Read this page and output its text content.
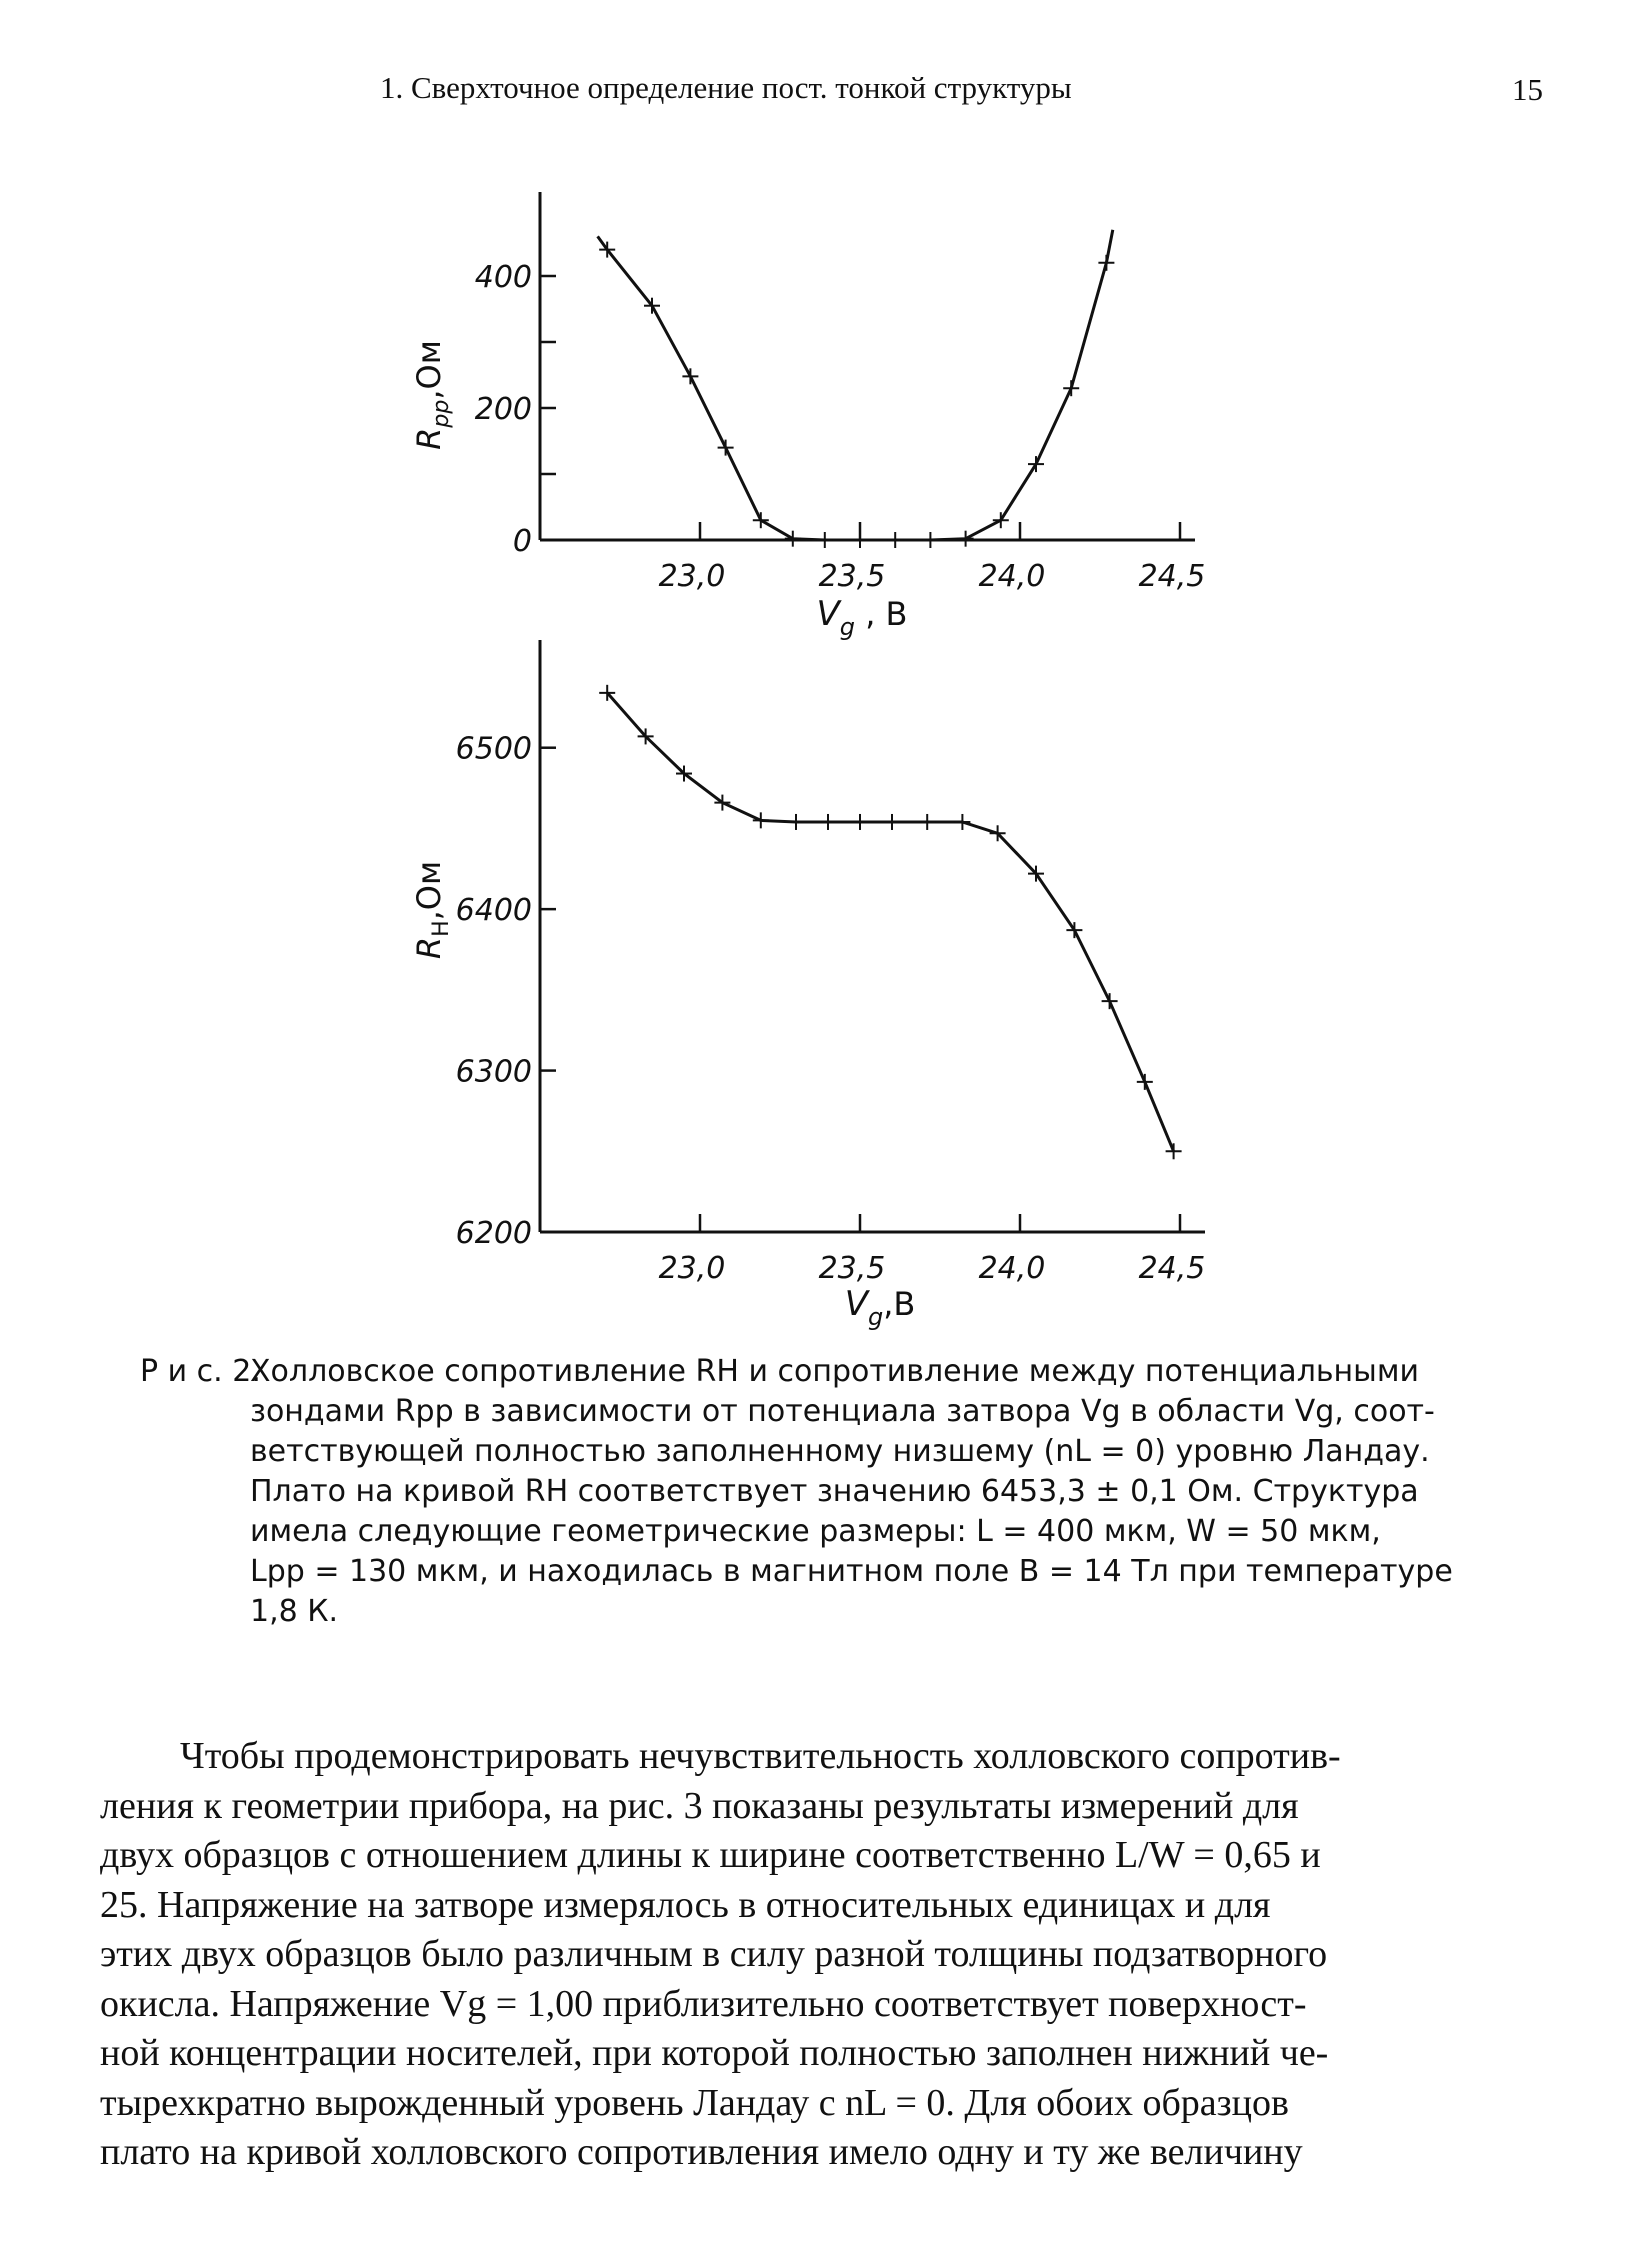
1. Сверхточное определение пост. тонкой структуры	15
0
200
400
23,0	23,5	24,0	24,5
$R_{pp},Ом$
$V_g$ , В
6200
6300
6400
6500
23,0	23,5	24,0	24,5
$R_H,Ом$
$V_g,В$
Р и с. 2.
Холловское сопротивление RH и сопротивление между потенциальными
зондами Rpp в зависимости от потенциала затвора Vg в области Vg, соот-
ветствующей полностью заполненному низшему (nL = 0) уровню Ландау.
Плато на кривой RH соответствует значению 6453,3 ± 0,1 Ом. Структура
имела следующие геометрические размеры: L = 400 мкм, W = 50 мкм,
Lpp = 130 мкм, и находилась в магнитном поле B = 14 Тл при температуре
1,8 К.
Чтобы продемонстрировать нечувствительность холловского сопротив-
ления к геометрии прибора, на рис. 3 показаны результаты измерений для
двух образцов с отношением длины к ширине соответственно L/W = 0,65 и
25. Напряжение на затворе измерялось в относительных единицах и для
этих двух образцов было различным в силу разной толщины подзатворного
окисла. Напряжение Vg = 1,00 приблизительно соответствует поверхност-
ной концентрации носителей, при которой полностью заполнен нижний че-
тырехкратно вырожденный уровень Ландау с nL = 0. Для обоих образцов
плато на кривой холловского сопротивления имело одну и ту же величину
